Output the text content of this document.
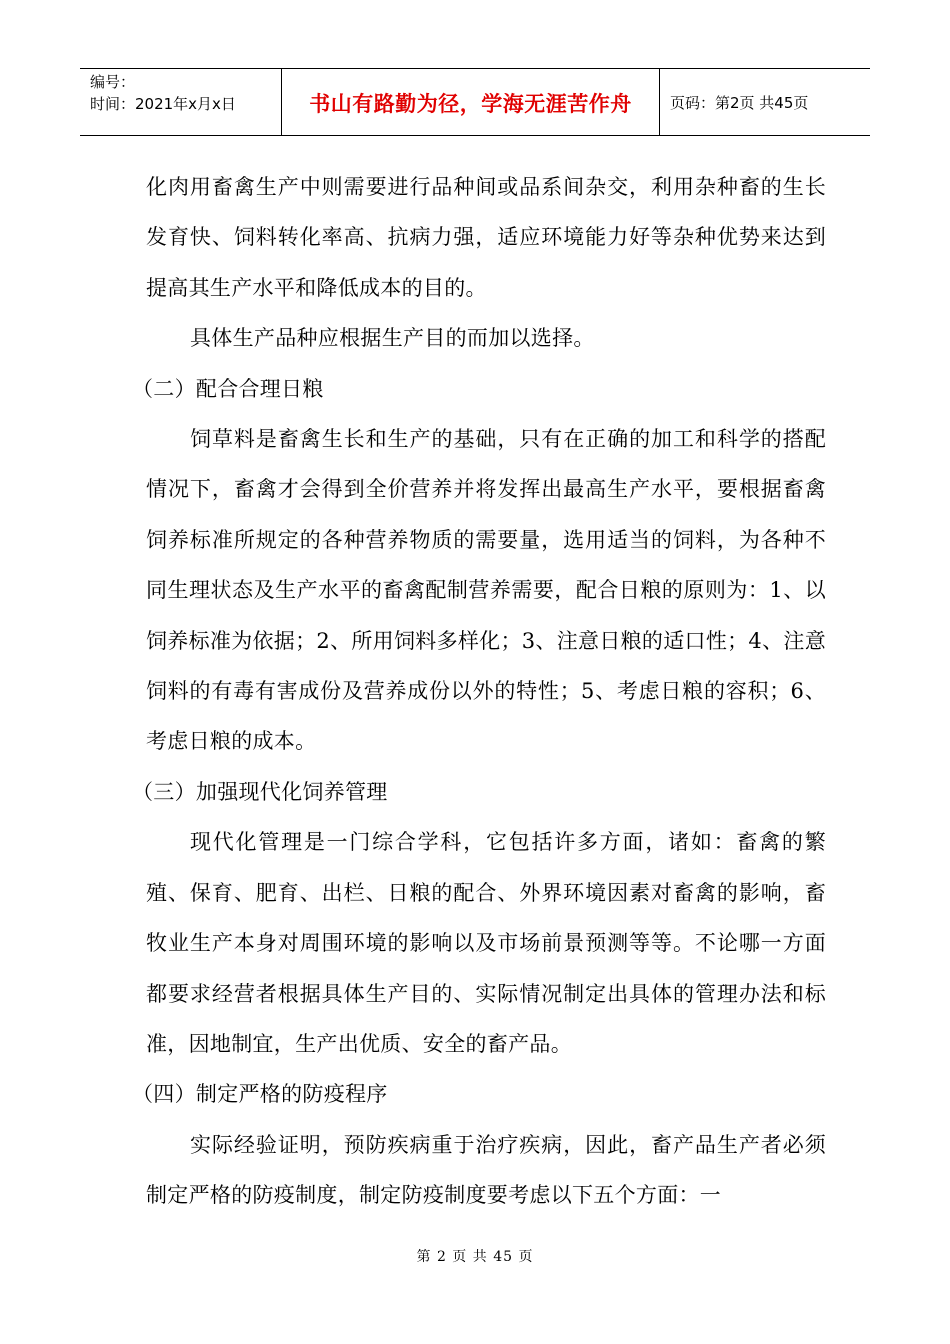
编号：
时间：2021年x月x日	书山有路勤为径，学海无涯苦作舟	页码：第2页 共45页

化肉用畜禽生产中则需要进行品种间或品系间杂交，利用杂种畜的生长发育快、饲料转化率高、抗病力强，适应环境能力好等杂种优势来达到提高其生产水平和降低成本的目的。

具体生产品种应根据生产目的而加以选择。

（二）配合合理日粮

饲草料是畜禽生长和生产的基础，只有在正确的加工和科学的搭配情况下，畜禽才会得到全价营养并将发挥出最高生产水平，要根据畜禽饲养标准所规定的各种营养物质的需要量，选用适当的饲料，为各种不同生理状态及生产水平的畜禽配制营养需要，配合日粮的原则为：1、以饲养标准为依据；2、所用饲料多样化；3、注意日粮的适口性；4、注意饲料的有毒有害成份及营养成份以外的特性；5、考虑日粮的容积；6、考虑日粮的成本。

（三）加强现代化饲养管理

现代化管理是一门综合学科，它包括许多方面，诸如：畜禽的繁殖、保育、肥育、出栏、日粮的配合、外界环境因素对畜禽的影响，畜牧业生产本身对周围环境的影响以及市场前景预测等等。不论哪一方面都要求经营者根据具体生产目的、实际情况制定出具体的管理办法和标准，因地制宜，生产出优质、安全的畜产品。

（四）制定严格的防疫程序

实际经验证明，预防疾病重于治疗疾病，因此，畜产品生产者必须制定严格的防疫制度，制定防疫制度要考虑以下五个方面：一

第 2 页 共 45 页
